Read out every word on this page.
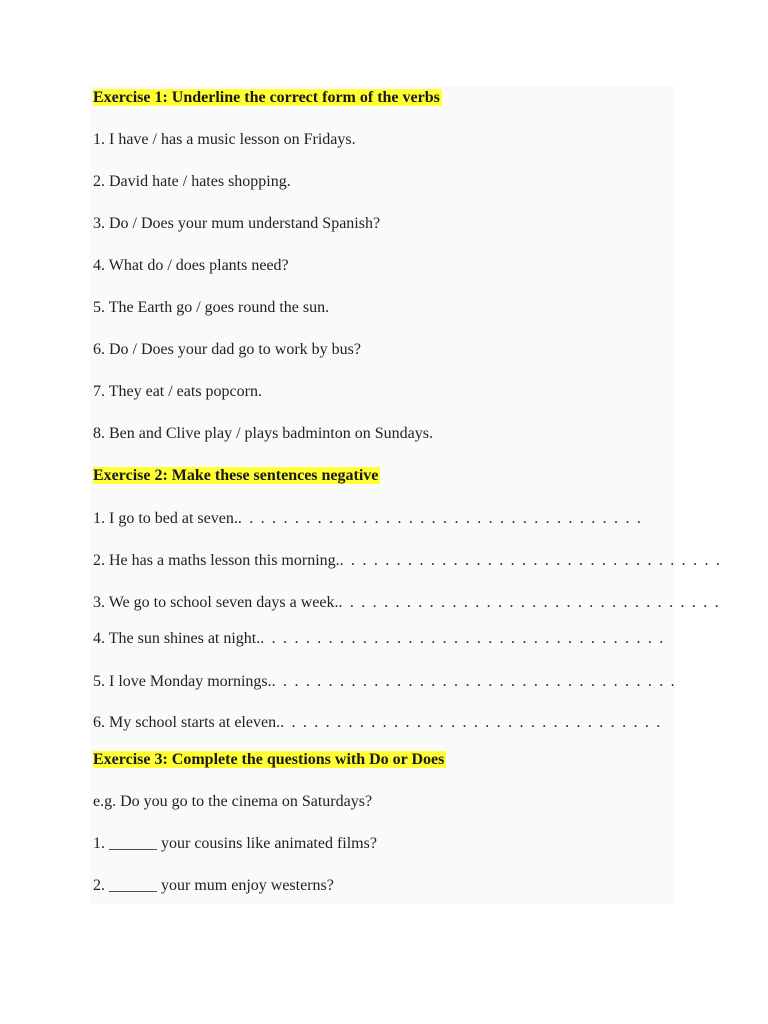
Exercise 1: Underline the correct form of the verbs
1. I have / has a music lesson on Fridays.
2. David hate / hates shopping.
3. Do / Does your mum understand Spanish?
4. What do / does plants need?
5. The Earth go / goes round the sun.
6. Do / Does your dad go to work by bus?
7. They eat / eats popcorn.
8. Ben and Clive play / plays badminton on Sundays.
Exercise 2: Make these sentences negative
1. I go to bed at seven.. . . . . . . . . . . . . . . . . . . . . . . . . . . . . . . . . . . .
2. He has a maths lesson this morning.. . . . . . . . . . . . . . . . . . . . . . . . . . . . . . . . . .
3. We go to school seven days a week.. . . . . . . . . . . . . . . . . . . . . . . . . . . . . . . . . .
4. The sun shines at night.. . . . . . . . . . . . . . . . . . . . . . . . . . . . . . . . . . . .
5. I love Monday mornings.. . . . . . . . . . . . . . . . . . . . . . . . . . . . . . . . . . . .
6. My school starts at eleven.. . . . . . . . . . . . . . . . . . . . . . . . . . . . . . . . . .
Exercise 3: Complete the questions with Do or Does
e.g. Do you go to the cinema on Saturdays?
1. ______ your cousins like animated films?
2. ______ your mum enjoy westerns?
